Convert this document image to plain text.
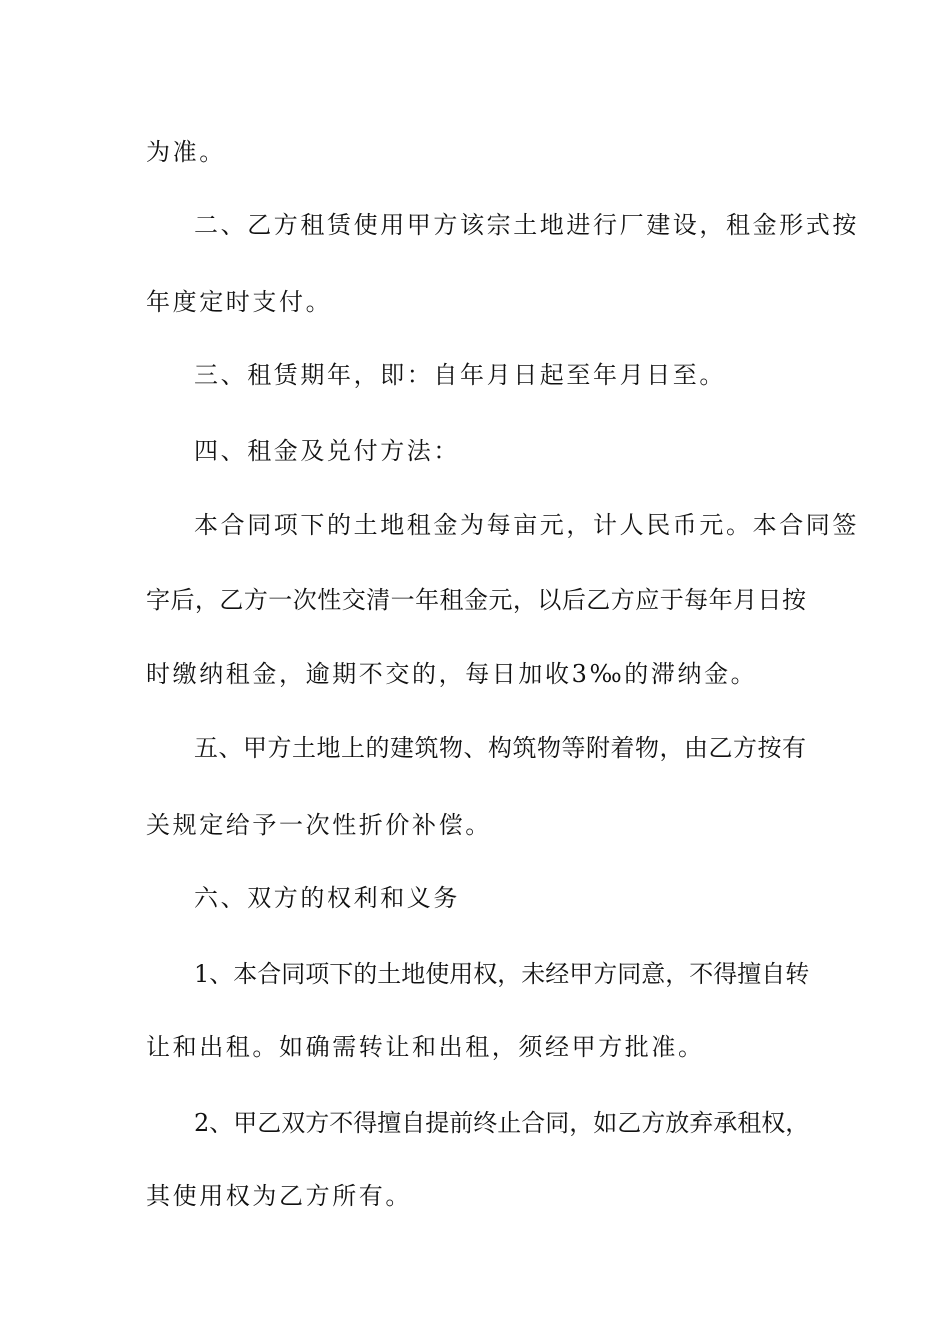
为准。
二、乙方租赁使用甲方该宗土地进行厂建设，租金形式按
年度定时支付。
三、租赁期年，即：自年月日起至年月日至。
四、租金及兑付方法：
本合同项下的土地租金为每亩元，计人民币元。本合同签
字后，乙方一次性交清一年租金元，以后乙方应于每年月日按
时缴纳租金，逾期不交的，每日加收3‰的滞纳金。
五、甲方土地上的建筑物、构筑物等附着物，由乙方按有
关规定给予一次性折价补偿。
六、双方的权利和义务
1、本合同项下的土地使用权，未经甲方同意，不得擅自转
让和出租。如确需转让和出租，须经甲方批准。
2、甲乙双方不得擅自提前终止合同，如乙方放弃承租权，
其使用权为乙方所有。
